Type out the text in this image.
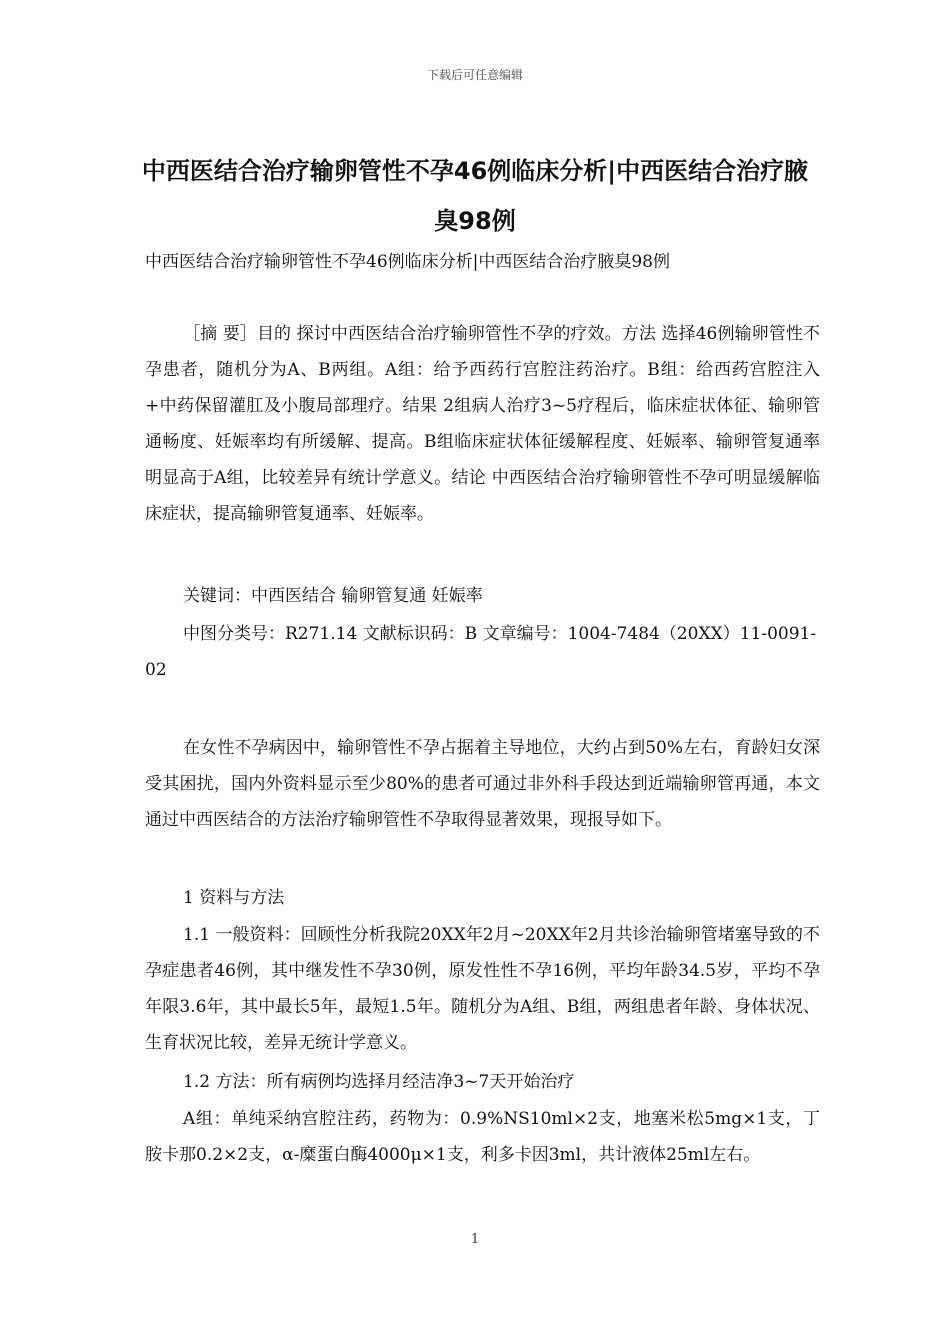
下载后可任意编辑
中西医结合治疗输卵管性不孕46例临床分析|中西医结合治疗腋臭98例

中西医结合治疗输卵管性不孕46例临床分析|中西医结合治疗腋臭98例

［摘 要］目的 探讨中西医结合治疗输卵管性不孕的疗效。方法 选择46例输卵管性不孕患者，随机分为A、B两组。A组：给予西药行宫腔注药治疗。B组：给西药宫腔注入+中药保留灌肛及小腹局部理疗。结果 2组病人治疗3~5疗程后，临床症状体征、输卵管通畅度、妊娠率均有所缓解、提高。B组临床症状体征缓解程度、妊娠率、输卵管复通率明显高于A组，比较差异有统计学意义。结论 中西医结合治疗输卵管性不孕可明显缓解临床症状，提高输卵管复通率、妊娠率。

关键词：中西医结合 输卵管复通 妊娠率

中图分类号：R271.14 文献标识码：B 文章编号：1004-7484（20XX）11-0091-02

在女性不孕病因中，输卵管性不孕占据着主导地位，大约占到50%左右，育龄妇女深受其困扰，国内外资料显示至少80%的患者可通过非外科手段达到近端输卵管再通，本文通过中西医结合的方法治疗输卵管性不孕取得显著效果，现报导如下。

1 资料与方法

1.1 一般资料：回顾性分析我院20XX年2月~20XX年2月共诊治输卵管堵塞导致的不孕症患者46例，其中继发性不孕30例，原发性性不孕16例，平均年龄34.5岁，平均不孕年限3.6年，其中最长5年，最短1.5年。随机分为A组、B组，两组患者年龄、身体状况、生育状况比较，差异无统计学意义。

1.2 方法：所有病例均选择月经洁净3~7天开始治疗

A组：单纯采纳宫腔注药，药物为：0.9%NS10ml×2支，地塞米松5mg×1支，丁胺卡那0.2×2支，α-糜蛋白酶4000μ×1支，利多卡因3ml，共计液体25ml左右。

1
